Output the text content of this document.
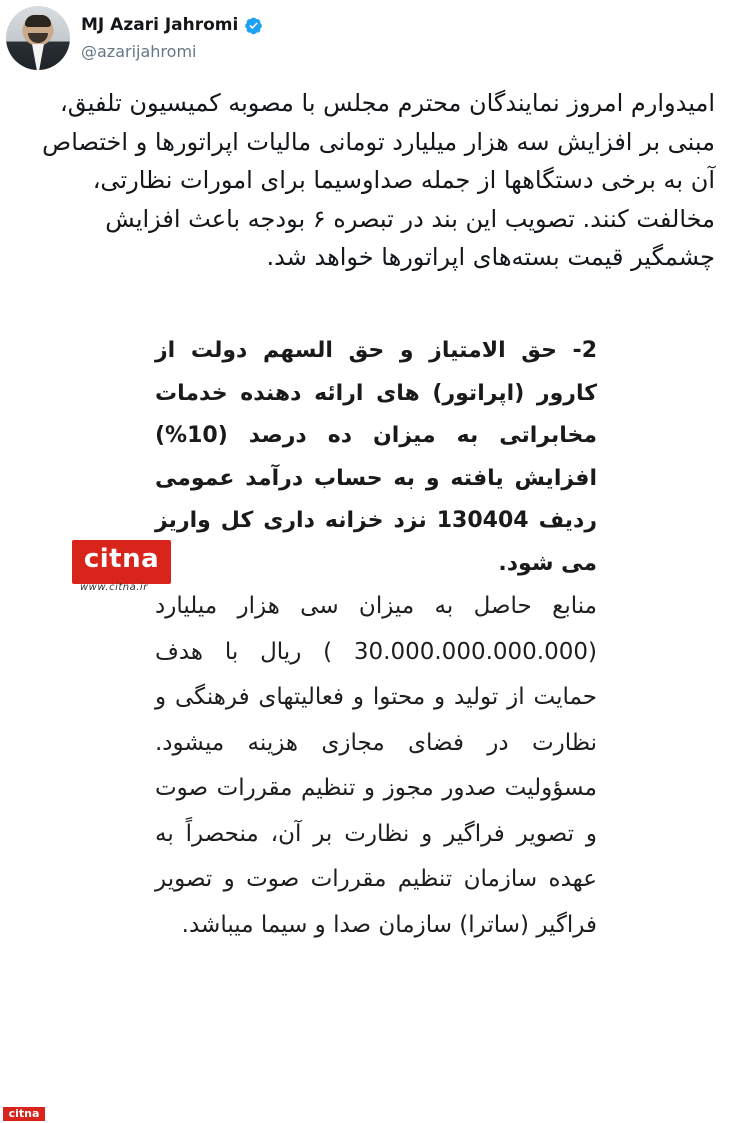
MJ Azari Jahromi
@azarijahromi

امیدوارم امروز نمایندگان محترم مجلس با مصوبه کمیسیون تلفیق، مبنی بر افزایش سه هزار میلیارد تومانی مالیات اپراتورها و اختصاص آن به برخی دستگاهها از جمله صداوسیما برای امورات نظارتی، مخالفت کنند. تصویب این بند در تبصره ۶ بودجه باعث افزایش چشمگیر قیمت بسته‌های اپراتورها خواهد شد.

2- حق الامتیاز و حق السهم دولت از کارور (اپراتور) های ارائه دهنده خدمات مخابراتی به میزان ده درصد (10%) افزایش یافته و به حساب درآمد عمومی ردیف 130404 نزد خزانه داری کل واریز می شود.

منابع حاصل به میزان سی هزار میلیارد (30.000.000.000.000 ) ریال با هدف حمایت از تولید و محتوا و فعالیتهای فرهنگی و نظارت در فضای مجازی هزینه میشود. مسؤولیت صدور مجوز و تنظیم مقررات صوت و تصویر فراگیر و نظارت بر آن، منحصراً به عهده سازمان تنظیم مقررات صوت و تصویر فراگیر (ساترا) سازمان صدا و سیما میباشد.

citna
www.citna.ir
citna
